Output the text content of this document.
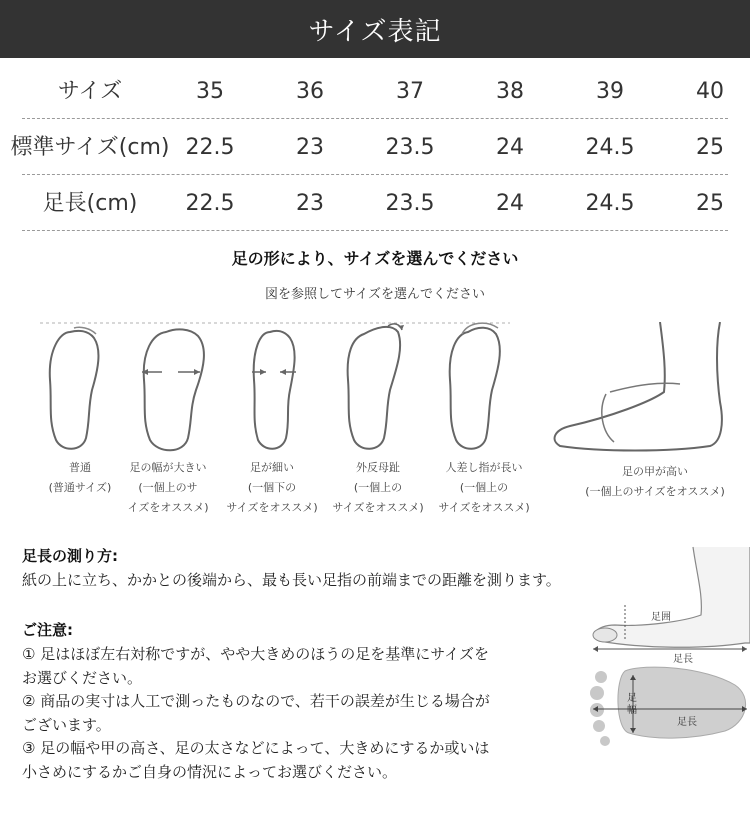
サイズ表記
サイズ	35	36	37	38	39	40
標準サイズ(cm) 22.5	23	23.5	24	24.5	25
足長(cm)	22.5	23	23.5	24	24.5	25
足の形により、サイズを選んでください
図を参照してサイズを選んでください
普通
(普通サイズ)
足の幅が大きい
(一個上のサ
イズをオススメ)
足が細い
(一個下の
サイズをオススメ)
外反母趾
(一個上の
サイズをオススメ)
人差し指が長い
(一個上の
サイズをオススメ)
足の甲が高い
(一個上のサイズをオススメ)
足長の測り方:
紙の上に立ち、かかとの後端から、最も長い足指の前端までの距離を測ります。
ご注意:

① 足はほぼ左右対称ですが、やや大きめのほうの足を基準にサイズを

お選びください。

② 商品の実寸は人工で測ったものなので、若干の誤差が生じる場合が

ございます。

③ 足の幅や甲の高さ、足の太さなどによって、大きめにするか或いは

小さめにするかご自身の情況によってお選びください。

足囲
足長
足幅
足長
